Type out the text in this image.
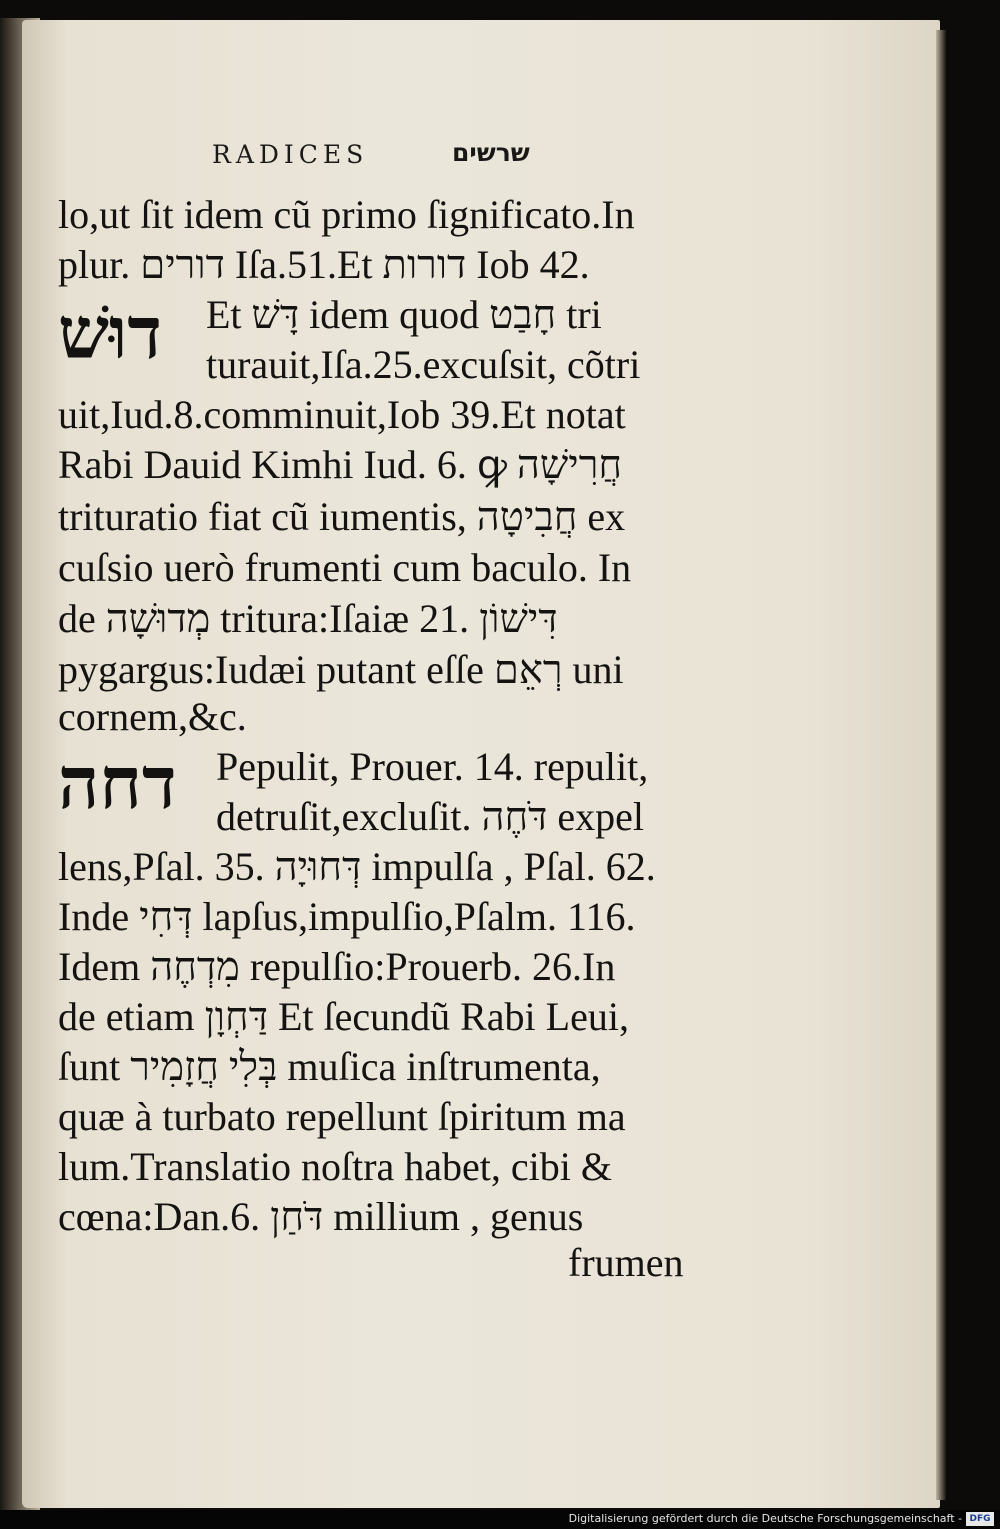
RADICES	שרשים
דוּשׁ
דחה
lo,ut ſit idem cũ primo ſignificato.In
plur. דורים Iſa.51.Et דורות Iob 42.
Et דָּשׁ idem quod חָבַט tri
turauit,Iſa.25.excuſsit, cõtri
uit,Iud.8.comminuit,Iob 39.Et notat
Rabi Dauid Kimhi Iud. 6. ꝙ חֲרִישָׁה
trituratio fiat cũ iumentis, חֲבִיטָה ex
cuſsio uerò frumenti cum baculo. In
de מְדוּשָׁה tritura:Iſaiæ 21. דִּישׁוֹן
pygargus:Iudæi putant eſſe רְאֵם uni
cornem,&c.
Pepulit, Prouer. 14. repulit,
detruſit,excluſit. דֹּחֶה expel
lens,Pſal. 35. דְּחוּיָה impulſa , Pſal. 62.
Inde דְּחִי lapſus,impulſio,Pſalm. 116.
Idem מִדְחֶה repulſio:Prouerb. 26.In
de etiam דַּחְוָן Et ſecundũ Rabi Leui,
ſunt בְּלִי חֲזָמִיר muſica inſtrumenta,
quæ à turbato repellunt ſpiritum ma
lum.Translatio noſtra habet, cibi &
cœna:Dan.6. דֹּחַן millium , genus
frumen
Digitalisierung gefördert durch die Deutsche Forschungsgemeinschaft - DFG
